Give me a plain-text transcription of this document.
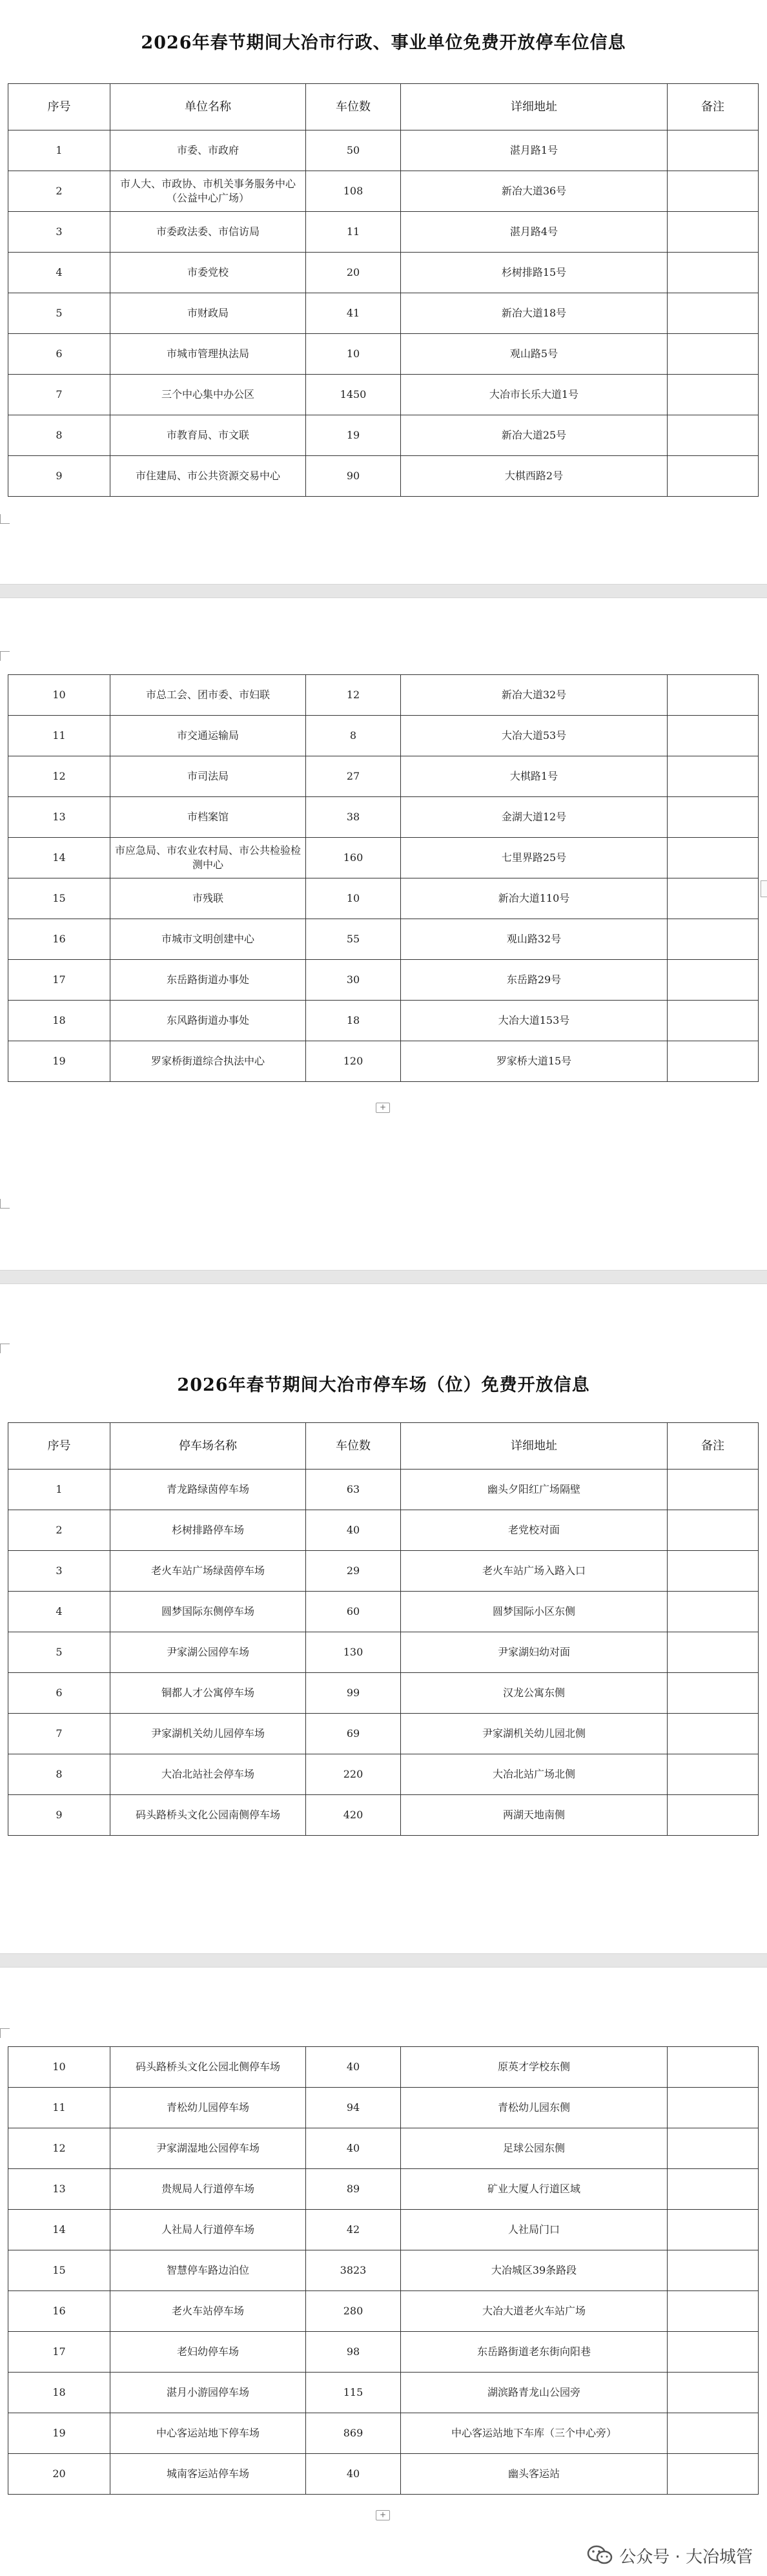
2026年春节期间大冶市行政、事业单位免费开放停车位信息
序号	单位名称	车位数	详细地址	备注
1	市委、市政府	50	湛月路1号	
2	市人大、市政协、市机关事务服务中心（公益中心广场）	108	新冶大道36号	
3	市委政法委、市信访局	11	湛月路4号	
4	市委党校	20	杉树排路15号	
5	市财政局	41	新冶大道18号	
6	市城市管理执法局	10	观山路5号	
7	三个中心集中办公区	1450	大冶市长乐大道1号	
8	市教育局、市文联	19	新冶大道25号	
9	市住建局、市公共资源交易中心	90	大棋西路2号	
10	市总工会、团市委、市妇联	12	新冶大道32号	
11	市交通运输局	8	大冶大道53号	
12	市司法局	27	大棋路1号	
13	市档案馆	38	金湖大道12号	
14	市应急局、市农业农村局、市公共检验检测中心	160	七里界路25号	
15	市残联	10	新冶大道110号	
16	市城市文明创建中心	55	观山路32号	
17	东岳路街道办事处	30	东岳路29号	
18	东风路街道办事处	18	大冶大道153号	
19	罗家桥街道综合执法中心	120	罗家桥大道15号	
+
2026年春节期间大冶市停车场（位）免费开放信息
序号	停车场名称	车位数	详细地址	备注
1	青龙路绿茵停车场	63	幽头夕阳红广场隔壁	
2	杉树排路停车场	40	老党校对面	
3	老火车站广场绿茵停车场	29	老火车站广场入路入口	
4	圆梦国际东侧停车场	60	圆梦国际小区东侧	
5	尹家湖公园停车场	130	尹家湖妇幼对面	
6	铜都人才公寓停车场	99	汉龙公寓东侧	
7	尹家湖机关幼儿园停车场	69	尹家湖机关幼儿园北侧	
8	大冶北站社会停车场	220	大冶北站广场北侧	
9	码头路桥头文化公园南侧停车场	420	两湖天地南侧	
10	码头路桥头文化公园北侧停车场	40	原英才学校东侧	
11	青松幼儿园停车场	94	青松幼儿园东侧	
12	尹家湖湿地公园停车场	40	足球公园东侧	
13	贵规局人行道停车场	89	矿业大厦人行道区域	
14	人社局人行道停车场	42	人社局门口	
15	智慧停车路边泊位	3823	大冶城区39条路段	
16	老火车站停车场	280	大冶大道老火车站广场	
17	老妇幼停车场	98	东岳路街道老东街向阳巷	
18	湛月小游园停车场	115	湖滨路青龙山公园旁	
19	中心客运站地下停车场	869	中心客运站地下车库（三个中心旁）	
20	城南客运站停车场	40	幽头客运站	
+
公众号 · 大冶城管
